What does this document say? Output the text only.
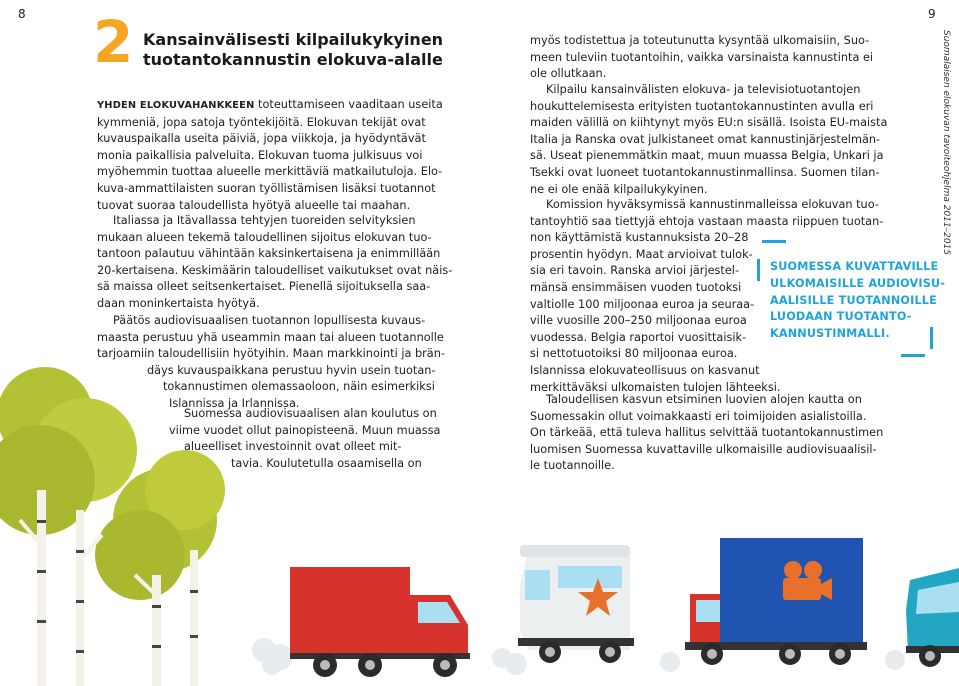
8 2 Kansainvälisesti kilpailukykyinen
tuotantokannustin elokuva-alalle
YHDEN ELOKUVAHANKKEEN toteuttamiseen vaaditaan useita
kymmeniä, jopa satoja työntekijöitä. Elokuvan tekijät ovat
kuvauspaikalla useita päiviä, jopa viikkoja, ja hyödyntävät
monia paikallisia palveluita. Elokuvan tuoma julkisuus voi
myöhemmin tuottaa alueelle merkittäviä matkailutuloja. Elo-
kuva-ammattilaisten suoran työllistämisen lisäksi tuotannot
tuovat suoraa taloudellista hyötyä alueelle tai maahan.
Italiassa ja Itävallassa tehtyjen tuoreiden selvityksien
mukaan alueen tekemä taloudellinen sijoitus elokuvan tuo-
tantoon palautuu vähintään kaksinkertaisena ja enimmillään
20-kertaisena. Keskimäärin taloudelliset vaikutukset ovat näis-
sä maissa olleet seitsenkertaiset. Pienellä sijoituksella saa-
daan moninkertaista hyötyä.
Päätös audiovisuaalisen tuotannon lopullisesta kuvaus-
maasta perustuu yhä useammin maan tai alueen tuotannolle
tarjoamiin taloudellisiin hyötyihin. Maan markkinointi ja brän-
däys kuvauspaikkana perustuu hyvin usein tuotan-
tokannustimen olemassaoloon, näin esimerkiksi
Islannissa ja Irlannissa.
Suomessa audiovisuaalisen alan koulutus on
viime vuodet ollut painopisteenä. Muun muassa
alueelliset investoinnit ovat olleet mit-
tavia. Koulutetulla osaamisella on
9
Suomalaisen elokuvan tavoiteohjelma 2011–2015
myös todistettua ja toteutunutta kysyntää ulkomaisiin, Suo-
meen tuleviin tuotantoihin, vaikka varsinaista kannustinta ei
ole ollutkaan.
Kilpailu kansainvälisten elokuva- ja televisiotuotantojen
houkuttelemisesta erityisten tuotantokannustinten avulla eri
maiden välillä on kiihtynyt myös EU:n sisällä. Isoista EU-maista
Italia ja Ranska ovat julkistaneet omat kannustinjärjestelmän-
sä. Useat pienemmätkin maat, muun muassa Belgia, Unkari ja
Tsekki ovat luoneet tuotantokannustinmallinsa. Suomen tilan-
ne ei ole enää kilpailukykyinen.
Komission hyväksymissä kannustinmalleissa elokuvan tuo-
tantoyhtiö saa tiettyjä ehtoja vastaan maasta riippuen tuotan-
non käyttämistä kustannuksista 20–28
prosentin hyödyn. Maat arvioivat tulok-
sia eri tavoin. Ranska arvioi järjestel-
mänsä ensimmäisen vuoden tuotoksi
valtiolle 100 miljoonaa euroa ja seuraa-
ville vuosille 200–250 miljoonaa euroa
vuodessa. Belgia raportoi vuosittaisik-
si nettotuotoiksi 80 miljoonaa euroa.
Islannissa elokuvateollisuus on kasvanut
merkittäväksi ulkomaisten tulojen lähteeksi.
Taloudellisen kasvun etsiminen luovien alojen kautta on
Suomessakin ollut voimakkaasti eri toimijoiden asialistoilla.
On tärkeää, että tuleva hallitus selvittää tuotantokannustimen
luomisen Suomessa kuvattaville ulkomaisille audiovisuaalisil-
le tuotannoille.
SUOMESSA KUVATTAVILLE
ULKOMAISILLE AUDIOVISU-
AALISILLE TUOTANNOILLE
LUODAAN TUOTANTO-
KANNUSTINMALLI.
